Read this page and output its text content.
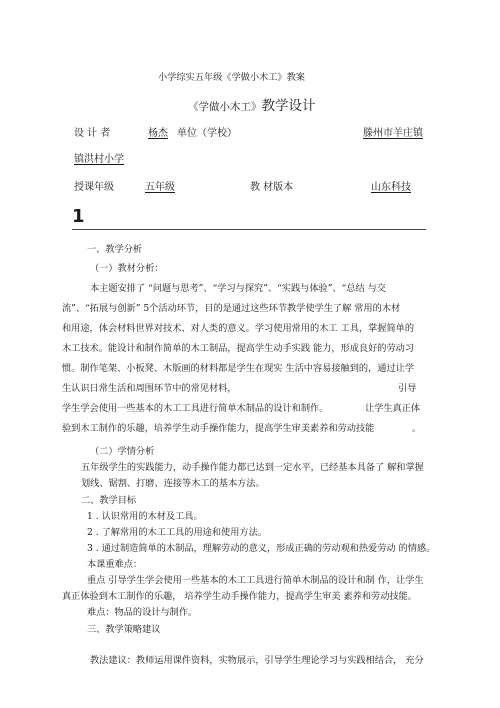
小学综实五年级《学做小木工》教案
《学做小木工》教学设计
设 计 者	杨杰 单位（学校）	滕州市羊庄镇
镇洪村小学
授课年级	五年级	教 材版本	山东科技
1
一、教学分析
（一）教材分析：
本主题安排了 “问题与思考”、“学习与探究”、“实践与体验”、“总结 与交
流”、“拓展与创新” 5个活动环节，目的是通过这些环节教学使学生了解 常用的木材
和用途，体会材料世界对技术、对人类的意义。学习使用常用的木工 工具，掌握简单的
木工技术。能设计和制作简单的木工制品，提高学生动手实践 能力，形成良好的劳动习
惯。制作笔架、小板凳、木版画的材料都是学生在现实 生活中容易接触到的，通过让学
生认识日常生活和周围环节中的常见材料，	引导
学生学会使用一些基本的木工工具进行简单木制品的设计和制作。	让学生真正体
验到木工制作的乐趣，培养学生动手操作能力，提高学生审美素养和劳动技能	。
（二）学情分析
五年级学生的实践能力，动手操作能力都已达到一定水平，已经基本具备了 解和掌握
划线、锯割、打磨、连接等木工的基本方法。
二、教学目标
1 . 认识常用的木材及工具。
2 . 了解常用的木工工具的用途和使用方法。
3 . 通过制造简单的木制品，理解劳动的意义，形成正确的劳动观和热爱劳动 的情感。
本课重难点：
重点 引导学生学会使用一些基本的木工工具进行简单木制品的设计和制 作，让学生
真正体验到木工制作的乐趣， 培养学生动手操作能力，提高学生审美 素养和劳动技能。
难点：物品的设计与制作。
三、教学策略建议
教法建议：教师运用课件资料，实物展示，引导学生理论学习与实践相结合， 充分
